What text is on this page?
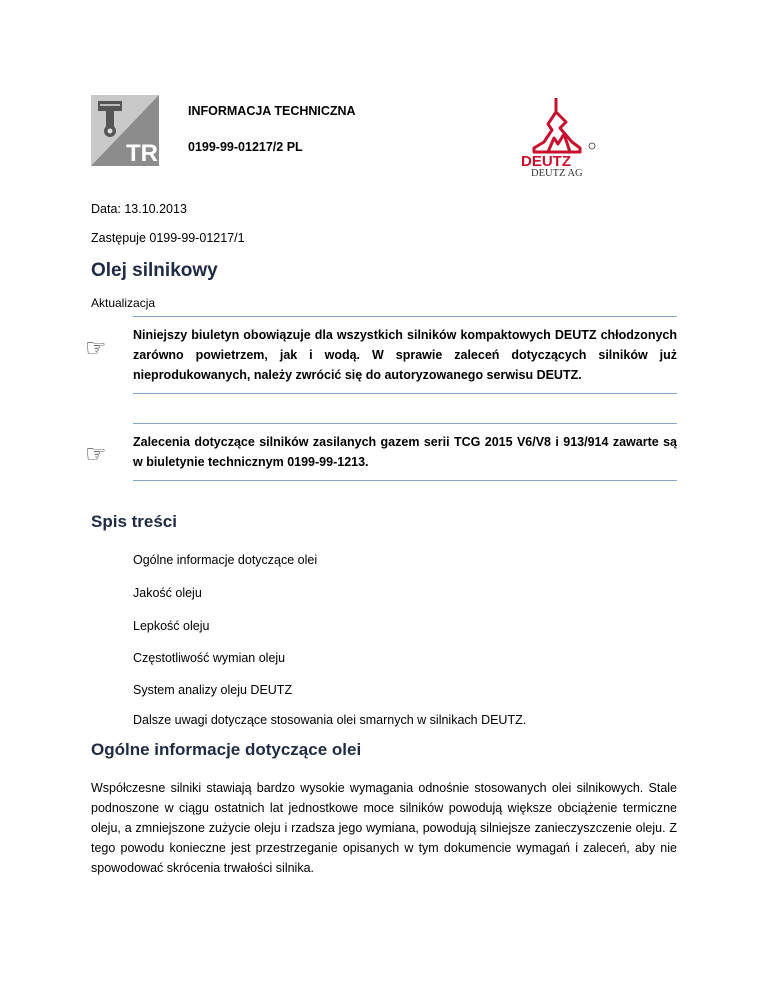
TR
INFORMACJA TECHNICZNA
0199-99-01217/2 PL
DEUTZ
DEUTZ AG
Data: 13.10.2013
Zastępuje 0199-99-01217/1
Olej silnikowy
Aktualizacja
☞ Niniejszy biuletyn obowiązuje dla wszystkich silników kompaktowych DEUTZ chłodzonych zarówno powietrzem, jak i wodą. W sprawie zaleceń dotyczących silników już nieprodukowanych, należy zwrócić się do autoryzowanego serwisu DEUTZ.
☞ Zalecenia dotyczące silników zasilanych gazem serii TCG 2015 V6/V8 i 913/914 zawarte są w biuletynie technicznym 0199-99-1213.
Spis treści
Ogólne informacje dotyczące olei
Jakość oleju
Lepkość oleju
Częstotliwość wymian oleju
System analizy oleju DEUTZ
Dalsze uwagi dotyczące stosowania olei smarnych w silnikach DEUTZ.
Ogólne informacje dotyczące olei
Współczesne silniki stawiają bardzo wysokie wymagania odnośnie stosowanych olei silnikowych. Stale podnoszone w ciągu ostatnich lat jednostkowe moce silników powodują większe obciążenie termiczne oleju, a zmniejszone zużycie oleju i rzadsza jego wymiana, powodują silniejsze zanieczyszczenie oleju. Z tego powodu konieczne jest przestrzeganie opisanych w tym dokumencie wymagań i zaleceń, aby nie spowodować skrócenia trwałości silnika.
